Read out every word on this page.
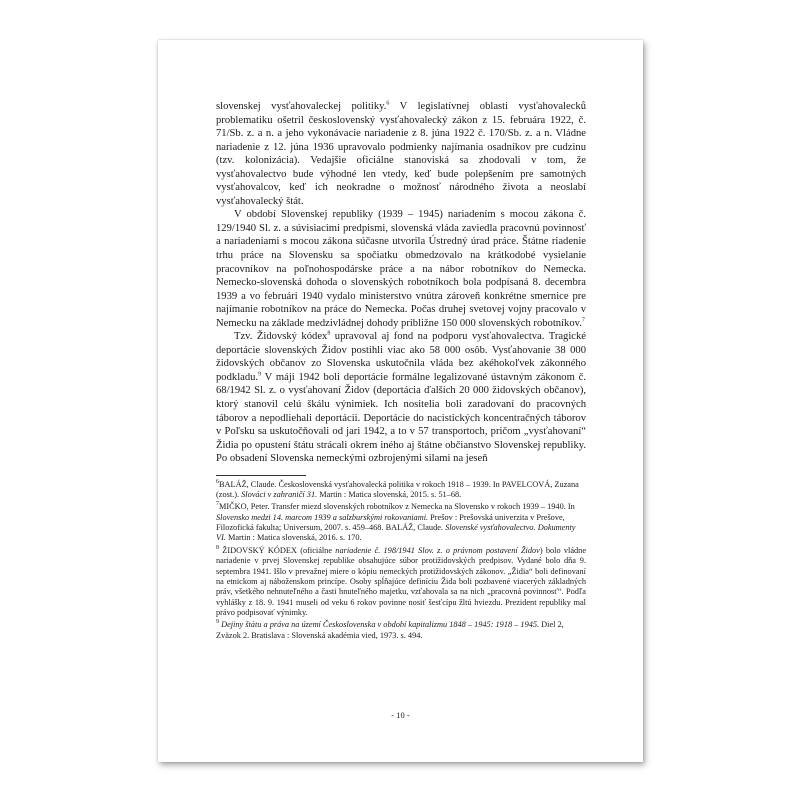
slovenskej vysťahovaleckej politiky.$^6$ V legislatívnej oblasti vysťahovalecků problematiku ošetril československý vysťahovalecký zákon z 15. februára 1922, č. 71/Sb. z. a n. a jeho vykonávacie nariadenie z 8. júna 1922 č. 170/Sb. z. a n. Vládne nariadenie z 12. júna 1936 upravovalo podmienky najímania osadníkov pre cudzinu (tzv. kolonizácia). Vedajšie oficiálne stanoviská sa zhodovali v tom, že vysťahovalectvo bude výhodné len vtedy, keď bude polepšením pre samotných vysťahovalcov, keď ich neokradne o možnosť národného života a neoslabí vysťahovalecký štát.

V období Slovenskej republiky (1939 – 1945) nariadením s mocou zákona č. 129/1940 Sl. z. a súvisiacimi predpismi, slovenská vláda zaviedla pracovnú povinnosť a nariadeniami s mocou zákona súčasne utvorila Ústredný úrad práce. Štátne riadenie trhu práce na Slovensku sa spočiatku obmedzovalo na krátkodobé vysielanie pracovníkov na poľnohospodárske práce a na nábor robotníkov do Nemecka. Nemecko-slovenská dohoda o slovenských robotníkoch bola podpísaná 8. decembra 1939 a vo februári 1940 vydalo ministerstvo vnútra zároveň konkrétne smernice pre najímanie robotníkov na práce do Nemecka. Počas druhej svetovej vojny pracovalo v Nemecku na základe medzivládnej dohody približne 150 000 slovenských robotníkov.$^7$

Tzv. Židovský kódex$^8$ upravoval aj fond na podporu vysťahovalectva. Tragické deportácie slovenských Židov postihli viac ako 58 000 osôb. Vysťahovanie 38 000 židovských občanov zo Slovenska uskutočnila vláda bez akéhokoľvek zákonného podkladu.$^9$ V máji 1942 boli deportácie formálne legalizované ústavným zákonom č. 68/1942 Sl. z. o vysťahovaní Židov (deportácia ďalších 20 000 židovských občanov), ktorý stanovil celú škálu výnimiek. Ich nositelia boli zaradovaní do pracovných táborov a nepodliehali deportácii. Deportácie do nacistických koncentračných táborov v Poľsku sa uskutočňovali od jari 1942, a to v 57 transportoch, pričom „vysťahovaní“ Židia po opustení štátu strácali okrem iného aj štátne občianstvo Slovenskej republiky. Po obsadení Slovenska nemeckými ozbrojenými silami na jeseň

$^6$BALÁŽ, Claude. Československá vysťahovalecká politika v rokoch 1918 – 1939. In PAVELCOVÁ, Zuzana (zost.). Slováci v zahraničí 31. Martin : Matica slovenská, 2015. s. 51–68.

$^7$MIČKO, Peter. Transfer miezd slovenských robotníkov z Nemecka na Slovensko v rokoch 1939 – 1940. In Slovensko medzi 14. marcom 1939 a salzburskými rokovaniami. Prešov : Prešovská univerzita v Prešove, Filozofická fakulta; Universum, 2007. s. 459–468. BALÁŽ, Claude. Slovenské vysťahovalectvo. Dokumenty VI. Martin : Matica slovenská, 2016. s. 170.

$^8$ ŽIDOVSKÝ KÓDEX (oficiálne nariadenie č. 198/1941 Slov. z. o právnom postavení Židov) bolo vládne nariadenie v prvej Slovenskej republike obsahujúce súbor protižidovských predpisov. Vydané bolo dňa 9. septembra 1941. Išlo v prevažnej miere o kópiu nemeckých protižidovských zákonov. „Židia“ boli definovaní na etnickom aj náboženskom princípe. Osoby spĺňajúce definíciu Žida boli pozbavené viacerých základných práv, všetkého nehnuteľného a časti hnuteľného majetku, vzťahovala sa na nich „pracovná povinnosť“. Podľa vyhlášky z 18. 9. 1941 museli od veku 6 rokov povinne nosiť šesťcípu žltú hviezdu. Prezident republiky mal právo podpisovať výnimky.

$^9$ Dejiny štátu a práva na území Československa v období kapitalizmu 1848 – 1945: 1918 – 1945. Diel 2, Zväzok 2. Bratislava : Slovenská akadémia vied, 1973. s. 494.

- 10 -
